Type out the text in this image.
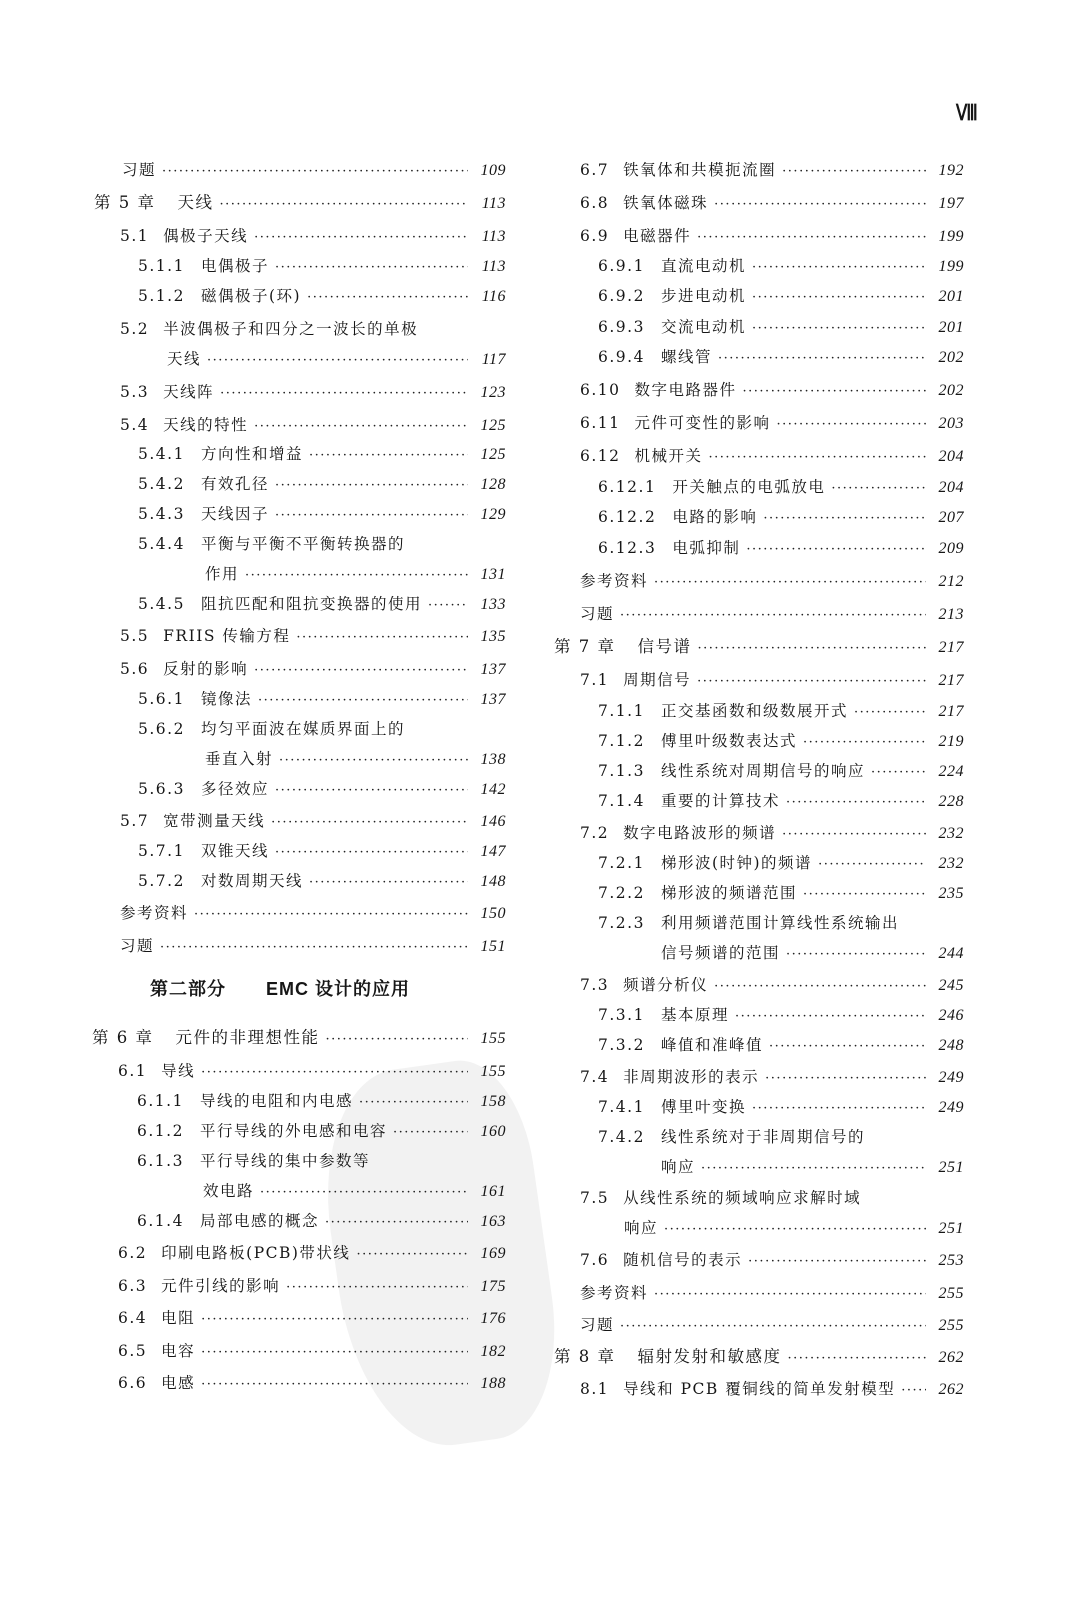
Ⅷ
习题 ·····	109
第 5 章 天线 ·····	113
5.1 偶极子天线 ·····	113
5.1.1 电偶极子 ·····	113
5.1.2 磁偶极子(环) ·····	116
5.2 半波偶极子和四分之一波长的单极
天线 ·····	117
5.3 天线阵 ·····	123
5.4 天线的特性 ·····	125
5.4.1 方向性和增益 ·····	125
5.4.2 有效孔径 ·····	128
5.4.3 天线因子 ·····	129
5.4.4 平衡与平衡不平衡转换器的
作用 ·····	131
5.4.5 阻抗匹配和阻抗变换器的使用 ·····	133
5.5 FRIIS 传输方程 ·····	135
5.6 反射的影响 ·····	137
5.6.1 镜像法 ·····	137
5.6.2 均匀平面波在媒质界面上的
垂直入射 ·····	138
5.6.3 多径效应 ·····	142
5.7 宽带测量天线 ·····	146
5.7.1 双锥天线 ·····	147
5.7.2 对数周期天线 ·····	148
参考资料 ·····	150
习题 ·····	151
第 6 章 元件的非理想性能 ·····	155
6.1 导线 ·····	155
6.1.1 导线的电阻和内电感 ·····	158
6.1.2 平行导线的外电感和电容 ·····	160
6.1.3 平行导线的集中参数等
效电路 ·····	161
6.1.4 局部电感的概念 ·····	163
6.2 印刷电路板(PCB)带状线 ·····	169
6.3 元件引线的影响 ·····	175
6.4 电阻 ·····	176
6.5 电容 ·····	182
6.6 电感 ·····	188
6.7 铁氧体和共模扼流圈 ·····	192
6.8 铁氧体磁珠 ·····	197
6.9 电磁器件 ·····	199
6.9.1 直流电动机 ·····	199
6.9.2 步进电动机 ·····	201
6.9.3 交流电动机 ·····	201
6.9.4 螺线管 ·····	202
6.10 数字电路器件 ·····	202
6.11 元件可变性的影响 ·····	203
6.12 机械开关 ·····	204
6.12.1 开关触点的电弧放电 ·····	204
6.12.2 电路的影响 ·····	207
6.12.3 电弧抑制 ·····	209
参考资料 ·····	212
习题 ·····	213
第 7 章 信号谱 ·····	217
7.1 周期信号 ·····	217
7.1.1 正交基函数和级数展开式 ·····	217
7.1.2 傅里叶级数表达式 ·····	219
7.1.3 线性系统对周期信号的响应 ·····	224
7.1.4 重要的计算技术 ·····	228
7.2 数字电路波形的频谱 ·····	232
7.2.1 梯形波(时钟)的频谱 ·····	232
7.2.2 梯形波的频谱范围 ·····	235
7.2.3 利用频谱范围计算线性系统输出
信号频谱的范围 ·····	244
7.3 频谱分析仪 ·····	245
7.3.1 基本原理 ·····	246
7.3.2 峰值和准峰值 ·····	248
7.4 非周期波形的表示 ·····	249
7.4.1 傅里叶变换 ·····	249
7.4.2 线性系统对于非周期信号的
响应 ·····	251
7.5 从线性系统的频域响应求解时域
响应 ·····	251
7.6 随机信号的表示 ·····	253
参考资料 ·····	255
习题 ·····	255
第 8 章 辐射发射和敏感度 ·····	262
8.1 导线和 PCB 覆铜线的简单发射模型 ·····	262
第二部分 EMC 设计的应用
